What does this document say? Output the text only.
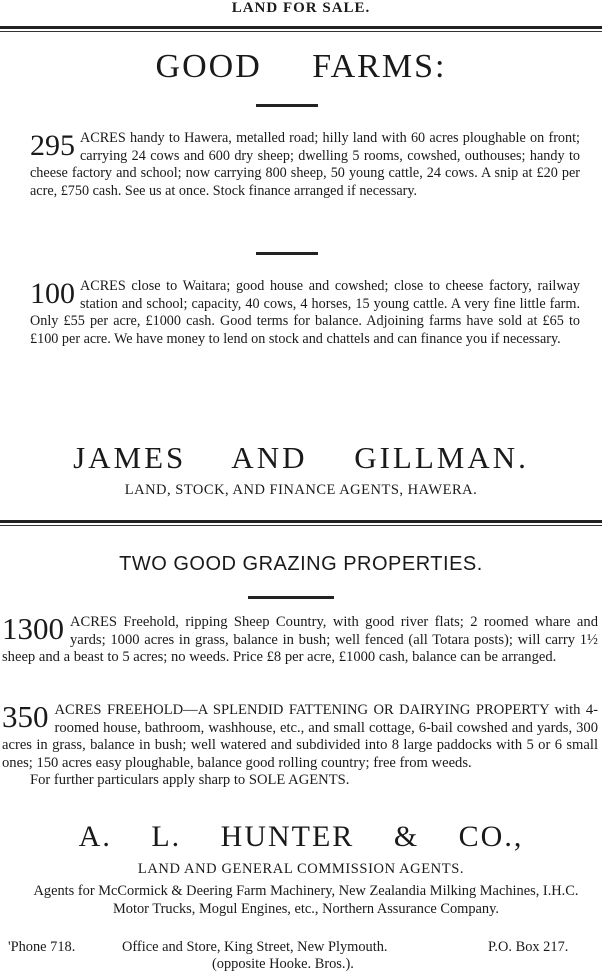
LAND FOR SALE.
GOOD FARMS:
295 ACRES handy to Hawera, metalled road; hilly land with 60 acres ploughable on front; carrying 24 cows and 600 dry sheep; dwelling 5 rooms, cowshed, outhouses; handy to cheese factory and school; now carrying 800 sheep, 50 young cattle, 24 cows. A snip at £20 per acre, £750 cash. See us at once. Stock finance arranged if necessary.
100 ACRES close to Waitara; good house and cowshed; close to cheese factory, railway station and school; capacity, 40 cows, 4 horses, 15 young cattle. A very fine little farm. Only £55 per acre, £1000 cash. Good terms for balance. Adjoining farms have sold at £65 to £100 per acre. We have money to lend on stock and chattels and can finance you if necessary.
JAMES AND GILLMAN.
LAND, STOCK, AND FINANCE AGENTS, HAWERA.
TWO GOOD GRAZING PROPERTIES.
1300 ACRES Freehold, ripping Sheep Country, with good river flats; 2 roomed whare and yards; 1000 acres in grass, balance in bush; well fenced (all Totara posts); will carry 1½ sheep and a beast to 5 acres; no weeds. Price £8 per acre, £1000 cash, balance can be arranged.
350 ACRES FREEHOLD—A SPLENDID FATTENING OR DAIRYING PROPERTY with 4-roomed house, bathroom, washhouse, etc., and small cottage, 6-bail cowshed and yards, 300 acres in grass, balance in bush; well watered and subdivided into 8 large paddocks with 5 or 6 small ones; 150 acres easy ploughable, balance good rolling country; free from weeds.
For further particulars apply sharp to SOLE AGENTS.
A. L. HUNTER & CO.,
LAND AND GENERAL COMMISSION AGENTS.
Agents for McCormick & Deering Farm Machinery, New Zealandia Milking Machines, I.H.C. Motor Trucks, Mogul Engines, etc., Northern Assurance Company.
'Phone 718.	Office and Store, King Street, New Plymouth.	P.O. Box 217.
(opposite Hooke. Bros.).
